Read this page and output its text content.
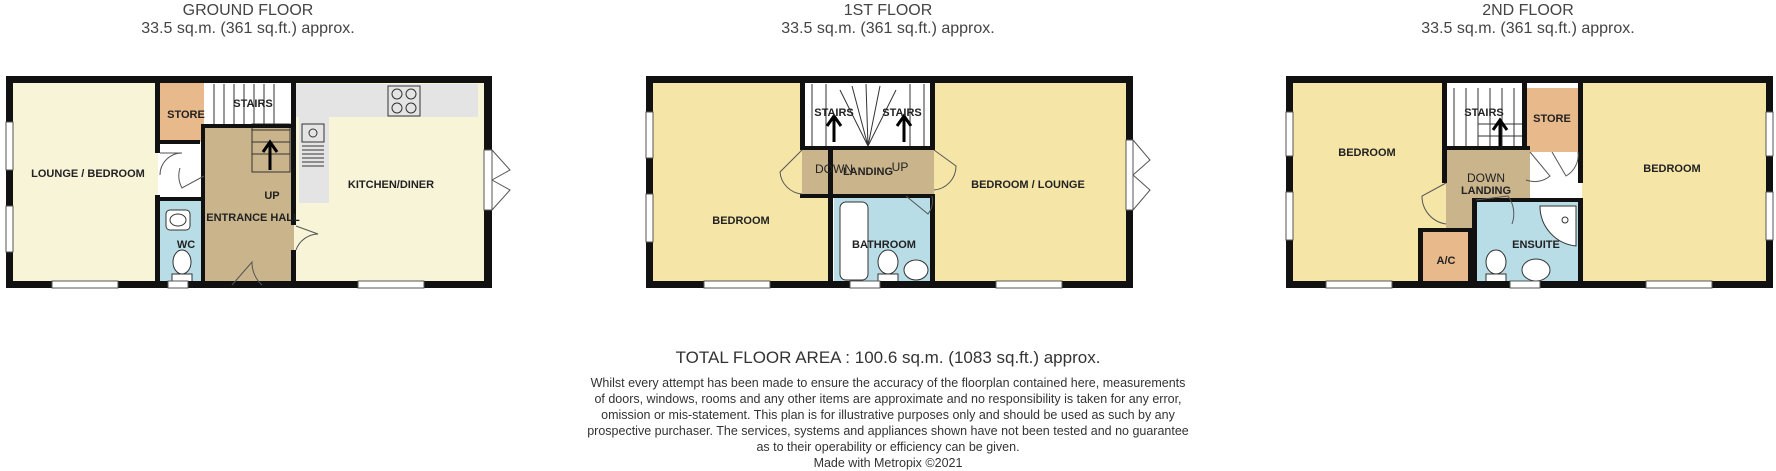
GROUND FLOOR
33.5 sq.m. (361 sq.ft.) approx.
1ST FLOOR
33.5 sq.m. (361 sq.ft.) approx.
2ND FLOOR
33.5 sq.m. (361 sq.ft.) approx.
LOUNGE / BEDROOM
STORE
STAIRS
UP
ENTRANCE HALL
WC
KITCHEN/DINER
BEDROOM
STAIRS	STAIRS
DOWN
LANDING
UP
BATHROOM
BEDROOM / LOUNGE
BEDROOM
STAIRS	STORE
DOWN
LANDING
A/C
ENSUITE
BEDROOM
TOTAL FLOOR AREA : 100.6 sq.m. (1083 sq.ft.) approx.
Whilst every attempt has been made to ensure the accuracy of the floorplan contained here, measurements
of doors, windows, rooms and any other items are approximate and no responsibility is taken for any error,
omission or mis-statement. This plan is for illustrative purposes only and should be used as such by any
prospective purchaser. The services, systems and appliances shown have not been tested and no guarantee
as to their operability or efficiency can be given.
Made with Metropix ©2021
